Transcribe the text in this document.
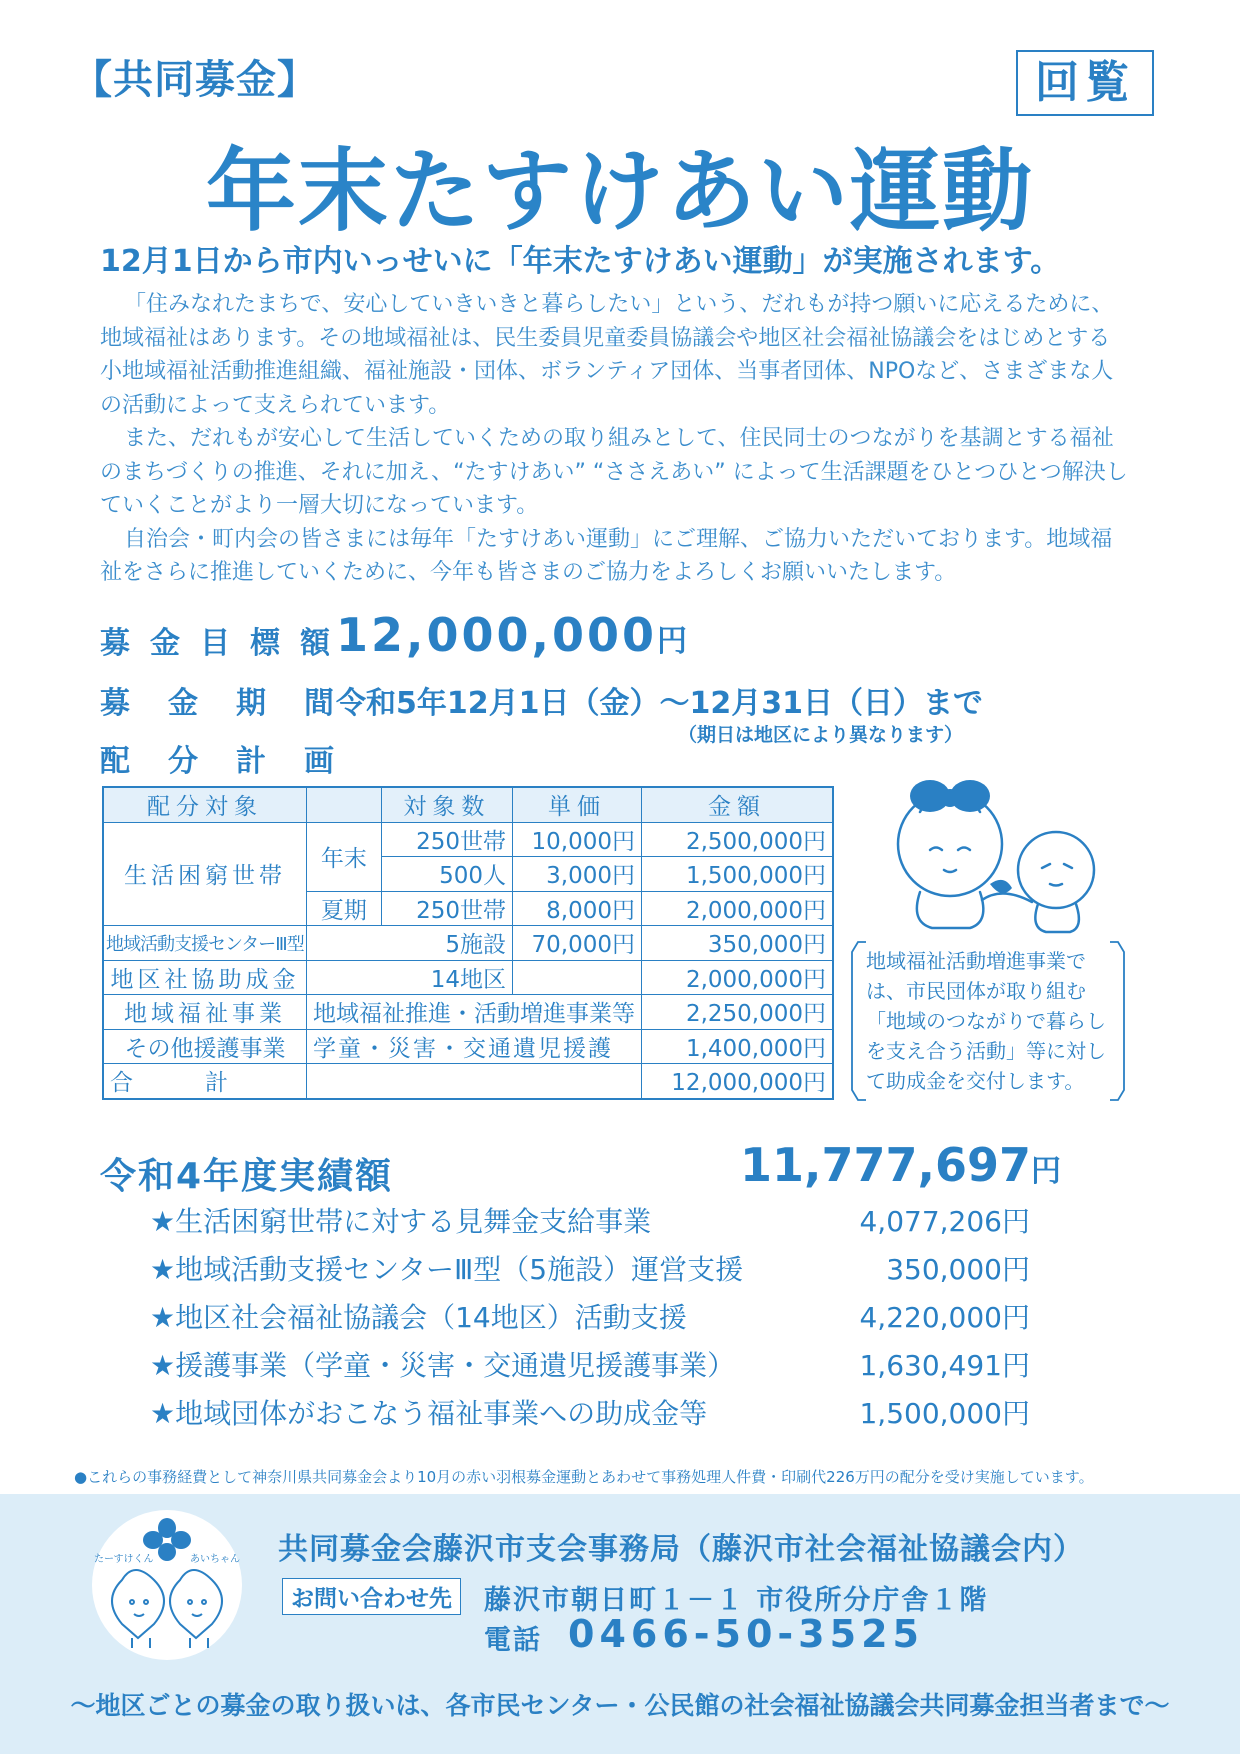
【共同募金】	回覧
年末たすけあい運動
12月1日から市内いっせいに「年末たすけあい運動」が実施されます。

「住みなれたまちで、安心していきいきと暮らしたい」という、だれもが持つ願いに応えるために、地域福祉はあります。その地域福祉は、民生委員児童委員協議会や地区社会福祉協議会をはじめとする小地域福祉活動推進組織、福祉施設・団体、ボランティア団体、当事者団体、NPOなど、さまざまな人の活動によって支えられています。

また、だれもが安心して生活していくための取り組みとして、住民同士のつながりを基調とする福祉のまちづくりの推進、それに加え、“たすけあい” “ささえあい” によって生活課題をひとつひとつ解決していくことがより一層大切になっています。

自治会・町内会の皆さまには毎年「たすけあい運動」にご理解、ご協力いただいております。地域福祉をさらに推進していくために、今年も皆さまのご協力をよろしくお願いいたします。

募金目標額
12,000,000円
募金期間
令和5年12月1日（金）～12月31日（日）まで
（期日は地区により異なります）
配分計画
配分対象		対象数	単価	金額
生活困窮世帯	年末	250世帯	10,000円	2,500,000円
		500人	3,000円	1,500,000円
	夏期	250世帯	8,000円	2,000,000円
地域活動支援センターⅢ型	5施設		70,000円	350,000円
地区社協助成金	14地区			2,000,000円
地域福祉事業	地域福祉推進・活動増進事業等			2,250,000円
その他援護事業	学童・災害・交通遺児援護			1,400,000円
合計				12,000,000円
地域福祉活動増進事業では、市民団体が取り組む「地域のつながりで暮らしを支え合う活動」等に対して助成金を交付します。
令和4年度実績額	11,777,697円
★生活困窮世帯に対する見舞金支給事業	4,077,206円
★地域活動支援センターⅢ型（5施設）運営支援	350,000円
★地区社会福祉協議会（14地区）活動支援	4,220,000円
★援護事業（学童・災害・交通遺児援護事業）	1,630,491円
★地域団体がおこなう福祉事業への助成金等	1,500,000円
●これらの事務経費として神奈川県共同募金会より10月の赤い羽根募金運動とあわせて事務処理人件費・印刷代226万円の配分を受け実施しています。
たーすけくん	あいちゃん 共同募金会藤沢市支会事務局（藤沢市社会福祉協議会内）
お問い合わせ先	藤沢市朝日町１－１ 市役所分庁舎１階
電話 0466-50-3525
～地区ごとの募金の取り扱いは、各市民センター・公民館の社会福祉協議会共同募金担当者まで～
